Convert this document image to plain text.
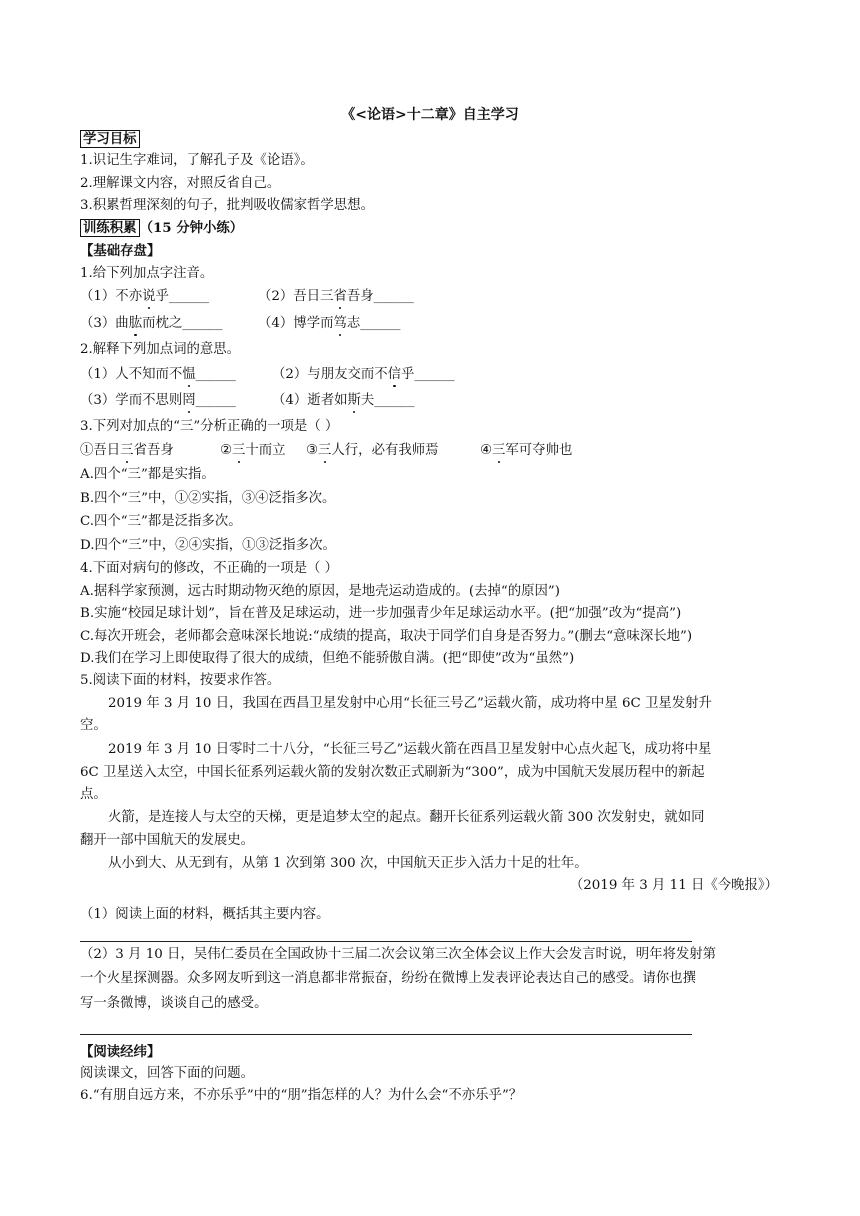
《<论语>十二章》自主学习
学习目标
1.识记生字难词，了解孔子及《论语》。
2.理解课文内容，对照反省自己。
3.积累哲理深刻的句子，批判吸收儒家哲学思想。
训练积累 （15 分钟小练）
【基础存盘】
1.给下列加点字注音。
（1）不亦说乎______	（2）吾日三省吾身______
（3）曲肱而枕之______	（4）博学而笃志______
2.解释下列加点词的意思。
（1）人不知而不愠______	（2）与朋友交而不信乎______
（3）学而不思则罔______	（4）逝者如斯夫______
3.下列对加点的“三”分析正确的一项是（ ）
①吾日三省吾身	②三十而立 ③三人行，必有我师焉	④三军可夺帅也
A.四个“三”都是实指。
B.四个“三”中，①②实指，③④泛指多次。
C.四个“三”都是泛指多次。
D.四个“三”中，②④实指，①③泛指多次。
4.下面对病句的修改，不正确的一项是（ ）
A.据科学家预测，远古时期动物灭绝的原因，是地壳运动造成的。(去掉“的原因”)
B.实施“校园足球计划”，旨在普及足球运动，进一步加强青少年足球运动水平。(把“加强”改为“提高”)
C.每次开班会，老师都会意味深长地说:“成绩的提高，取决于同学们自身是否努力。”(删去“意味深长地”)
D.我们在学习上即使取得了很大的成绩，但绝不能骄傲自满。(把“即使”改为“虽然”)
5.阅读下面的材料，按要求作答。
2019 年 3 月 10 日，我国在西昌卫星发射中心用“长征三号乙”运载火箭，成功将中星 6C 卫星发射升
空。
2019 年 3 月 10 日零时二十八分，“长征三号乙”运载火箭在西昌卫星发射中心点火起飞，成功将中星
6C 卫星送入太空，中国长征系列运载火箭的发射次数正式刷新为“300”，成为中国航天发展历程中的新起
点。
火箭，是连接人与太空的天梯，更是追梦太空的起点。翻开长征系列运载火箭 300 次发射史，就如同
翻开一部中国航天的发展史。
从小到大、从无到有，从第 1 次到第 300 次，中国航天正步入活力十足的壮年。
（2019 年 3 月 11 日《今晚报》）
（1）阅读上面的材料，概括其主要内容。
（2）3 月 10 日，吴伟仁委员在全国政协十三届二次会议第三次全体会议上作大会发言时说，明年将发射第
一个火星探测器。众多网友听到这一消息都非常振奋，纷纷在微博上发表评论表达自己的感受。请你也撰
写一条微博，谈谈自己的感受。
【阅读经纬】
阅读课文，回答下面的问题。
6.“有朋自远方来，不亦乐乎”中的“朋”指怎样的人？为什么会“不亦乐乎”？
